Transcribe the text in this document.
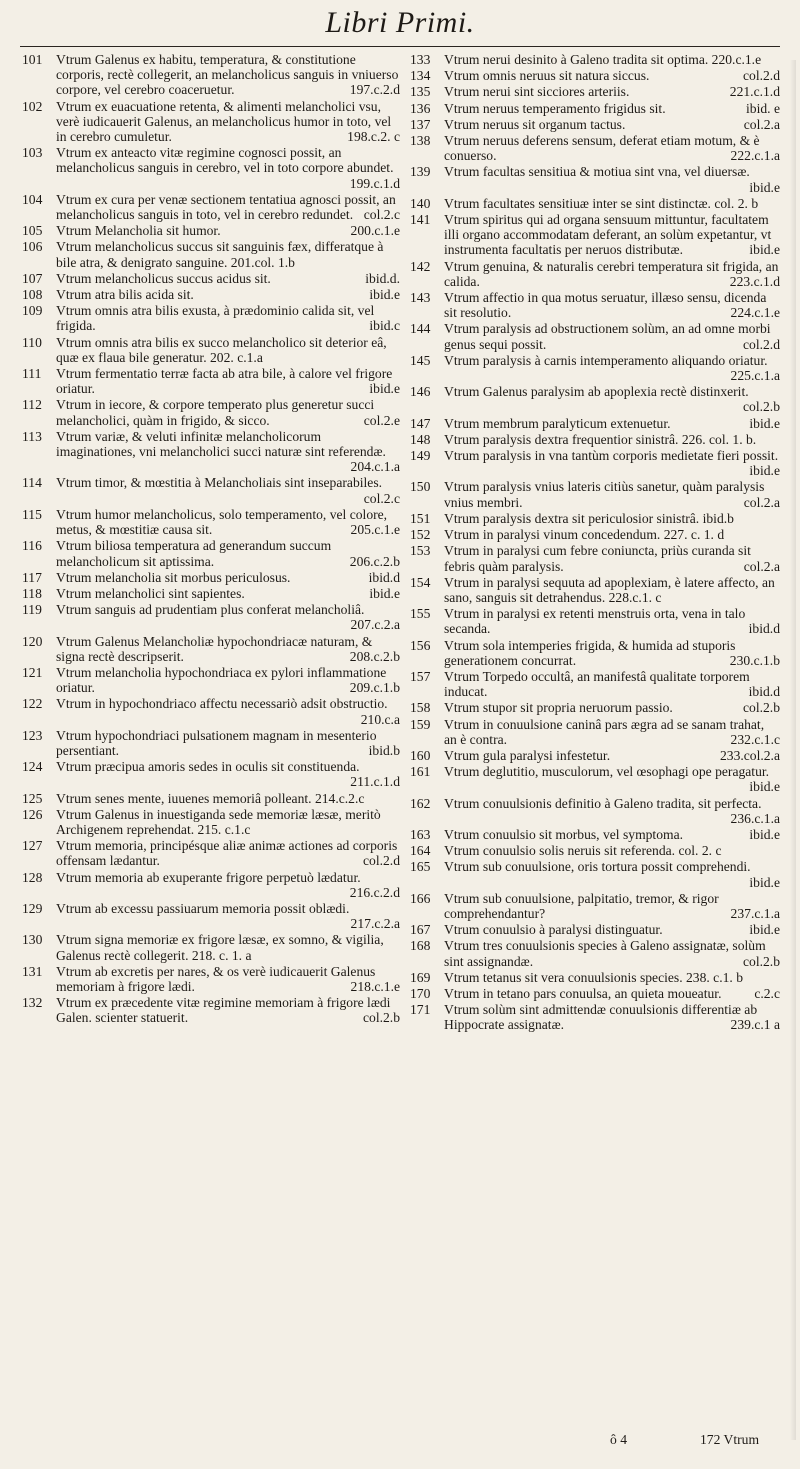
Libri Primi.
101	Vtrum Galenus ex habitu, temperatura, & constitutione corporis, rectè collegerit, an melancholicus sanguis in vniuerso corpore, vel cerebro coaceruetur.	197.c.2.d
102	Vtrum ex euacuatione retenta, & alimenti melancholici vsu, verè iudicauerit Galenus, an melancholicus humor in toto, vel in cerebro cumuletur.	198.c.2. c
103	Vtrum ex anteacto vitæ regimine cognosci possit, an melancholicus sanguis in cerebro, vel in toto corpore abundet.
199.c.1.d
104	Vtrum ex cura per venæ sectionem tentatiua agnosci possit, an melancholicus sanguis in toto, vel in cerebro redundet. col.2.c
105	Vtrum Melancholia sit humor.	200.c.1.e
106	Vtrum melancholicus succus sit sanguinis fæx, differatque à bile atra, & denigrato sanguine. 201.col. 1.b
107	Vtrum melancholicus succus acidus sit.	ibid.d.
108	Vtrum atra bilis acida sit.	ibid.e
109	Vtrum omnis atra bilis exusta, à prædominio calida sit, vel frigida.	ibid.c
110	Vtrum omnis atra bilis ex succo melancholico sit deterior eâ, quæ ex flaua bile generatur. 202. c.1.a
111	Vtrum fermentatio terræ facta ab atra bile, à calore vel frigore oriatur.	ibid.e
112	Vtrum in iecore, & corpore temperato plus generetur succi melancholici, quàm in frigido, & sicco.	col.2.e
113	Vtrum variæ, & veluti infinitæ melancholicorum imaginationes, vni melancholici succi naturæ sint referendæ.
204.c.1.a
114	Vtrum timor, & mœstitia à Melancholiais sint inseparabiles.
col.2.c
115	Vtrum humor melancholicus, solo temperamento, vel colore, metus, & mœstitiæ causa sit.	205.c.1.e
116	Vtrum biliosa temperatura ad generandum succum melancholicum sit aptissima.	206.c.2.b
117	Vtrum melancholia sit morbus periculosus.	ibid.d
118	Vtrum melancholici sint sapientes.	ibid.e
119	Vtrum sanguis ad prudentiam plus conferat melancholiâ.
207.c.2.a
120	Vtrum Galenus Melancholiæ hypochondriacæ naturam, & signa rectè descripserit.	208.c.2.b
121	Vtrum melancholia hypochondriaca ex pylori inflammatione oriatur.	209.c.1.b
122	Vtrum in hypochondriaco affectu necessariò adsit obstructio.
210.c.a
123	Vtrum hypochondriaci pulsationem magnam in mesenterio persentiant.	ibid.b
124	Vtrum præcipua amoris sedes in oculis sit constituenda.
211.c.1.d
125	Vtrum senes mente, iuuenes memoriâ polleant. 214.c.2.c
126	Vtrum Galenus in inuestiganda sede memoriæ læsæ, meritò Archigenem reprehendat. 215. c.1.c
127	Vtrum memoria, principésque aliæ animæ actiones ad corporis offensam lædantur.	col.2.d
128	Vtrum memoria ab exuperante frigore perpetuò lædatur.
216.c.2.d
129	Vtrum ab excessu passiuarum memoria possit oblædi.
217.c.2.a
130	Vtrum signa memoriæ ex frigore læsæ, ex somno, & vigilia, Galenus rectè collegerit. 218. c. 1. a
131	Vtrum ab excretis per nares, & os verè iudicauerit Galenus memoriam à frigore lædi.	218.c.1.e
132	Vtrum ex præcedente vitæ regimine memoriam à frigore lædi Galen. scienter statuerit.	col.2.b
133	Vtrum nerui desinito à Galeno tradita sit optima. 220.c.1.e
134	Vtrum omnis neruus sit natura siccus.	col.2.d
135	Vtrum nerui sint sicciores arteriis.	221.c.1.d
136	Vtrum neruus temperamento frigidus sit.	ibid. e
137	Vtrum neruus sit organum tactus.	col.2.a
138	Vtrum neruus deferens sensum, deferat etiam motum, & è conuerso.	222.c.1.a
139	Vtrum facultas sensitiua & motiua sint vna, vel diuersæ.
ibid.e
140	Vtrum facultates sensitiuæ inter se sint distinctæ. col. 2. b
141	Vtrum spiritus qui ad organa sensuum mittuntur, facultatem illi organo accommodatam deferant, an solùm expetantur, vt instrumenta facultatis per neruos distributæ.	ibid.e
142	Vtrum genuina, & naturalis cerebri temperatura sit frigida, an calida.	223.c.1.d
143	Vtrum affectio in qua motus seruatur, illæso sensu, dicenda sit resolutio.	224.c.1.e
144	Vtrum paralysis ad obstructionem solùm, an ad omne morbi genus sequi possit.	col.2.d
145	Vtrum paralysis à carnis intemperamento aliquando oriatur.
225.c.1.a
146	Vtrum Galenus paralysim ab apoplexia rectè distinxerit.
col.2.b
147	Vtrum membrum paralyticum extenuetur.	ibid.e
148	Vtrum paralysis dextra frequentior sinistrâ. 226. col. 1. b.
149	Vtrum paralysis in vna tantùm corporis medietate fieri possit.
ibid.e
150	Vtrum paralysis vnius lateris citiùs sanetur, quàm paralysis vnius membri.	col.2.a
151	Vtrum paralysis dextra sit periculosior sinistrâ. ibid.b
152	Vtrum in paralysi vinum concedendum. 227. c. 1. d
153	Vtrum in paralysi cum febre coniuncta, priùs curanda sit febris quàm paralysis.	col.2.a
154	Vtrum in paralysi sequuta ad apoplexiam, è latere affecto, an sano, sanguis sit detrahendus. 228.c.1. c
155	Vtrum in paralysi ex retenti menstruis orta, vena in talo secanda.	ibid.d
156	Vtrum sola intemperies frigida, & humida ad stuporis generationem concurrat.	230.c.1.b
157	Vtrum Torpedo occultâ, an manifestâ qualitate torporem inducat.	ibid.d
158	Vtrum stupor sit propria neruorum passio.	col.2.b
159	Vtrum in conuulsione caninâ pars ægra ad se sanam trahat, an è contra.	232.c.1.c
160	Vtrum gula paralysi infestetur.	233.col.2.a
161	Vtrum deglutitio, musculorum, vel œsophagi ope peragatur.
ibid.e
162	Vtrum conuulsionis definitio à Galeno tradita, sit perfecta.
236.c.1.a
163	Vtrum conuulsio sit morbus, vel symptoma.	ibid.e
164	Vtrum conuulsio solis neruis sit referenda. col. 2. c
165	Vtrum sub conuulsione, oris tortura possit comprehendi.
ibid.e
166	Vtrum sub conuulsione, palpitatio, tremor, & rigor comprehendantur?	237.c.1.a
167	Vtrum conuulsio à paralysi distinguatur.	ibid.e
168	Vtrum tres conuulsionis species à Galeno assignatæ, solùm sint assignandæ.	col.2.b
169	Vtrum tetanus sit vera conuulsionis species. 238. c.1. b
170	Vtrum in tetano pars conuulsa, an quieta moueatur. c.2.c
171	Vtrum solùm sint admittendæ conuulsionis differentiæ ab Hippocrate assignatæ.	239.c.1 a
ô 4	172 Vtrum
